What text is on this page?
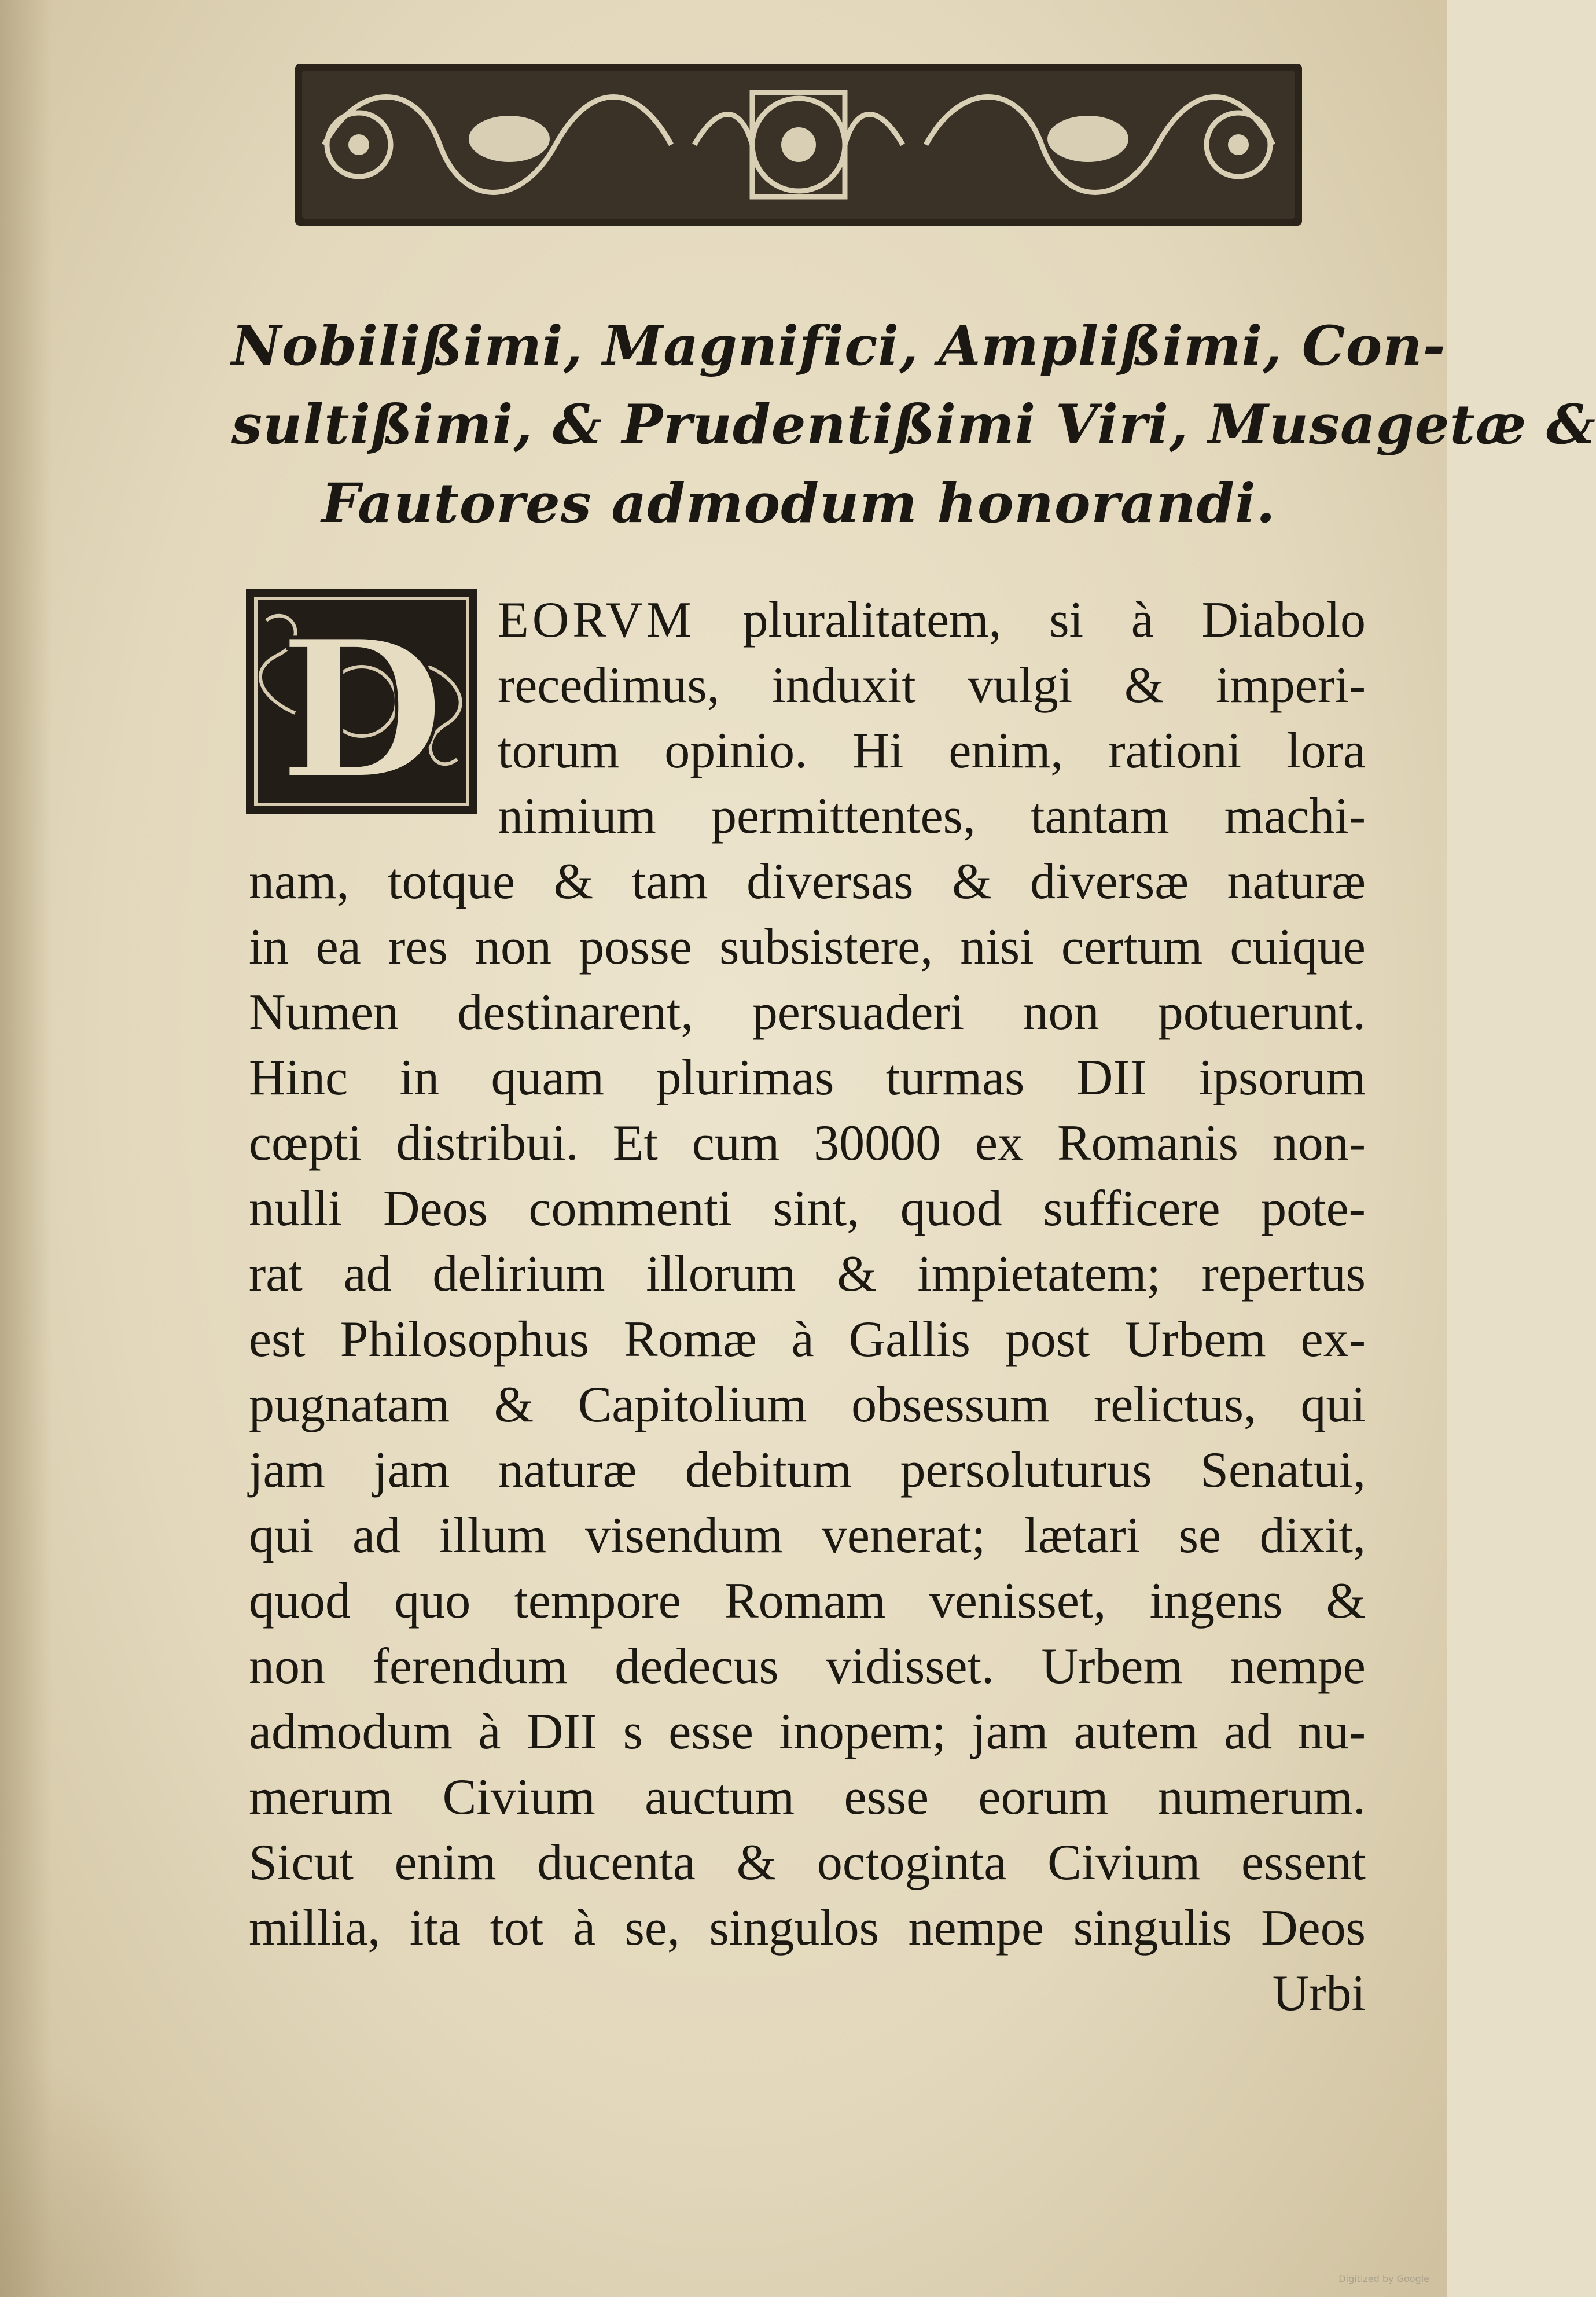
Nobilißimi, Magnifici, Amplißimi, Con-
sultißimi, & Prudentißimi Viri, Musagetæ &
Fautores admodum honorandi.
D	EORVM pluralitatem, si à Diabolo
recedimus, induxit vulgi & imperi-
torum opinio. Hi enim, rationi lora
nimium permittentes, tantam machi-
nam, totque & tam diversas & diversæ naturæ
in ea res non posse subsistere, nisi certum cuique
Numen destinarent, persuaderi non potuerunt.
Hinc in quam plurimas turmas DII ipsorum
cœpti distribui. Et cum 30000 ex Romanis non-
nulli Deos commenti sint, quod sufficere pote-
rat ad delirium illorum & impietatem; repertus
est Philosophus Romæ à Gallis post Urbem ex-
pugnatam & Capitolium obsessum relictus, qui
jam jam naturæ debitum persoluturus Senatui,
qui ad illum visendum venerat; lætari se dixit,
quod quo tempore Romam venisset, ingens &
non ferendum dedecus vidisset. Urbem nempe
admodum à DII s esse inopem; jam autem ad nu-
merum Civium auctum esse eorum numerum.
Sicut enim ducenta & octoginta Civium essent
millia, ita tot à se, singulos nempe singulis Deos
Urbi
Digitized by Google
